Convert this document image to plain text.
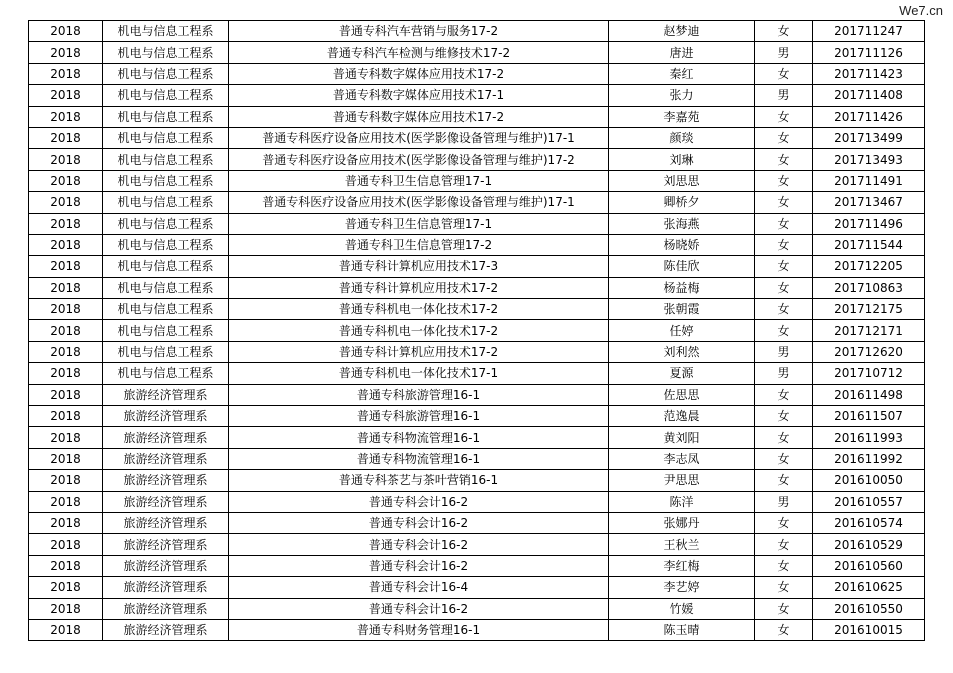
We7.cn
2018	机电与信息工程系	普通专科汽车营销与服务17-2	赵梦迪	女	201711247
2018	机电与信息工程系	普通专科汽车检测与维修技术17-2	唐进	男	201711126
2018	机电与信息工程系	普通专科数字媒体应用技术17-2	秦红	女	201711423
2018	机电与信息工程系	普通专科数字媒体应用技术17-1	张力	男	201711408
2018	机电与信息工程系	普通专科数字媒体应用技术17-2	李嘉苑	女	201711426
2018	机电与信息工程系	普通专科医疗设备应用技术(医学影像设备管理与维护)17-1	颜琰	女	201713499
2018	机电与信息工程系	普通专科医疗设备应用技术(医学影像设备管理与维护)17-2	刘琳	女	201713493
2018	机电与信息工程系	普通专科卫生信息管理17-1	刘思思	女	201711491
2018	机电与信息工程系	普通专科医疗设备应用技术(医学影像设备管理与维护)17-1	卿桥夕	女	201713467
2018	机电与信息工程系	普通专科卫生信息管理17-1	张海燕	女	201711496
2018	机电与信息工程系	普通专科卫生信息管理17-2	杨晓娇	女	201711544
2018	机电与信息工程系	普通专科计算机应用技术17-3	陈佳欣	女	201712205
2018	机电与信息工程系	普通专科计算机应用技术17-2	杨益梅	女	201710863
2018	机电与信息工程系	普通专科机电一体化技术17-2	张朝霞	女	201712175
2018	机电与信息工程系	普通专科机电一体化技术17-2	任婷	女	201712171
2018	机电与信息工程系	普通专科计算机应用技术17-2	刘利然	男	201712620
2018	机电与信息工程系	普通专科机电一体化技术17-1	夏源	男	201710712
2018	旅游经济管理系	普通专科旅游管理16-1	佐思思	女	201611498
2018	旅游经济管理系	普通专科旅游管理16-1	范逸晨	女	201611507
2018	旅游经济管理系	普通专科物流管理16-1	黄刘阳	女	201611993
2018	旅游经济管理系	普通专科物流管理16-1	李志凤	女	201611992
2018	旅游经济管理系	普通专科茶艺与茶叶营销16-1	尹思思	女	201610050
2018	旅游经济管理系	普通专科会计16-2	陈洋	男	201610557
2018	旅游经济管理系	普通专科会计16-2	张娜丹	女	201610574
2018	旅游经济管理系	普通专科会计16-2	王秋兰	女	201610529
2018	旅游经济管理系	普通专科会计16-2	李红梅	女	201610560
2018	旅游经济管理系	普通专科会计16-4	李艺婷	女	201610625
2018	旅游经济管理系	普通专科会计16-2	竹媛	女	201610550
2018	旅游经济管理系	普通专科财务管理16-1	陈玉晴	女	201610015
